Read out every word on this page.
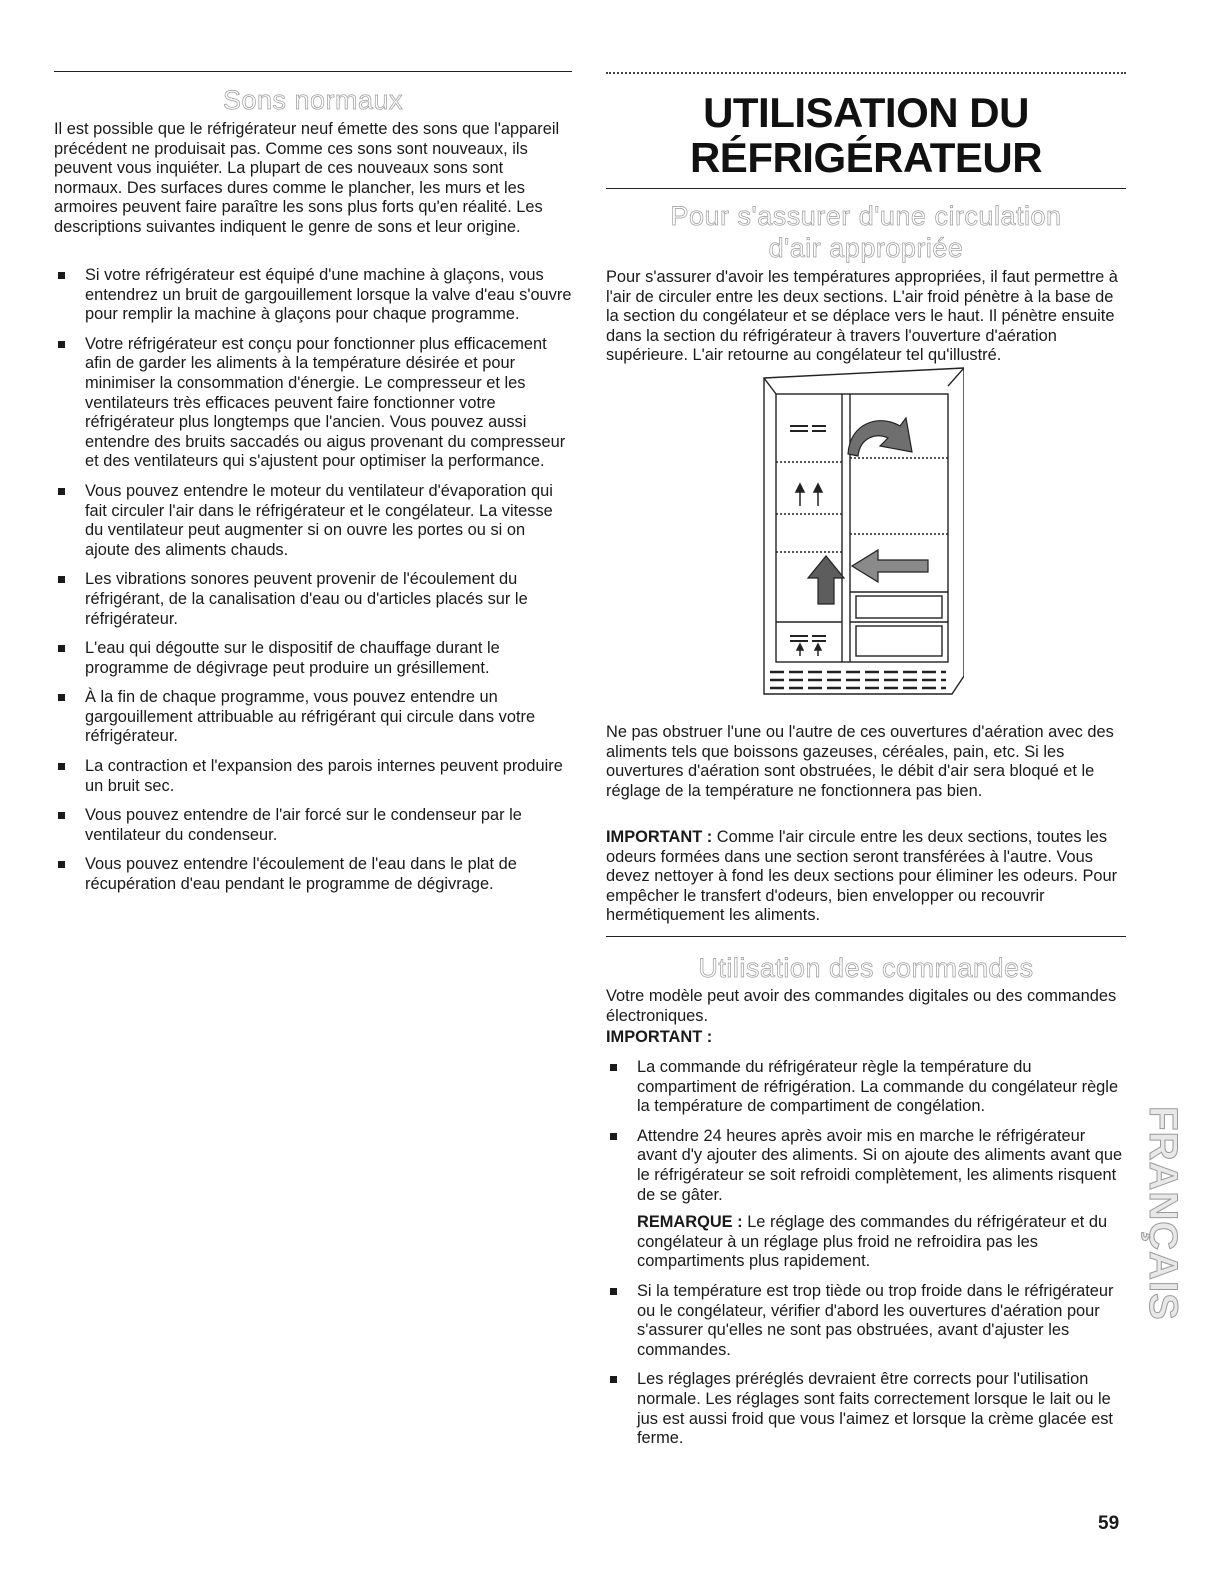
Sons normaux

Il est possible que le réfrigérateur neuf émette des sons que l'appareil précédent ne produisait pas. Comme ces sons sont nouveaux, ils peuvent vous inquiéter. La plupart de ces nouveaux sons sont normaux. Des surfaces dures comme le plancher, les murs et les armoires peuvent faire paraître les sons plus forts qu'en réalité. Les descriptions suivantes indiquent le genre de sons et leur origine.

Si votre réfrigérateur est équipé d'une machine à glaçons, vous entendrez un bruit de gargouillement lorsque la valve d'eau s'ouvre pour remplir la machine à glaçons pour chaque programme.
Votre réfrigérateur est conçu pour fonctionner plus efficacement afin de garder les aliments à la température désirée et pour minimiser la consommation d'énergie. Le compresseur et les ventilateurs très efficaces peuvent faire fonctionner votre réfrigérateur plus longtemps que l'ancien. Vous pouvez aussi entendre des bruits saccadés ou aigus provenant du compresseur et des ventilateurs qui s'ajustent pour optimiser la performance.
Vous pouvez entendre le moteur du ventilateur d'évaporation qui fait circuler l'air dans le réfrigérateur et le congélateur. La vitesse du ventilateur peut augmenter si on ouvre les portes ou si on ajoute des aliments chauds.
Les vibrations sonores peuvent provenir de l'écoulement du réfrigérant, de la canalisation d'eau ou d'articles placés sur le réfrigérateur.
L'eau qui dégoutte sur le dispositif de chauffage durant le programme de dégivrage peut produire un grésillement.
À la fin de chaque programme, vous pouvez entendre un gargouillement attribuable au réfrigérant qui circule dans votre réfrigérateur.
La contraction et l'expansion des parois internes peuvent produire un bruit sec.
Vous pouvez entendre de l'air forcé sur le condenseur par le ventilateur du condenseur.
Vous pouvez entendre l'écoulement de l'eau dans le plat de récupération d'eau pendant le programme de dégivrage.
UTILISATION DU
RÉFRIGÉRATEUR
Pour s'assurer d'une circulation d'air appropriée

Pour s'assurer d'avoir les températures appropriées, il faut permettre à l'air de circuler entre les deux sections. L'air froid pénètre à la base de la section du congélateur et se déplace vers le haut. Il pénètre ensuite dans la section du réfrigérateur à travers l'ouverture d'aération supérieure. L'air retourne au congélateur tel qu'illustré.

Ne pas obstruer l'une ou l'autre de ces ouvertures d'aération avec des aliments tels que boissons gazeuses, céréales, pain, etc. Si les ouvertures d'aération sont obstruées, le débit d'air sera bloqué et le réglage de la température ne fonctionnera pas bien.

IMPORTANT : Comme l'air circule entre les deux sections, toutes les odeurs formées dans une section seront transférées à l'autre. Vous devez nettoyer à fond les deux sections pour éliminer les odeurs. Pour empêcher le transfert d'odeurs, bien envelopper ou recouvrir hermétiquement les aliments.

Utilisation des commandes

Votre modèle peut avoir des commandes digitales ou des commandes électroniques.

IMPORTANT :

La commande du réfrigérateur règle la température du compartiment de réfrigération. La commande du congélateur règle la température de compartiment de congélation.
Attendre 24 heures après avoir mis en marche le réfrigérateur avant d'y ajouter des aliments. Si on ajoute des aliments avant que le réfrigérateur se soit refroidi complètement, les aliments risquent de se gâter.

REMARQUE : Le réglage des commandes du réfrigérateur et du congélateur à un réglage plus froid ne refroidira pas les compartiments plus rapidement.

Si la température est trop tiède ou trop froide dans le réfrigérateur ou le congélateur, vérifier d'abord les ouvertures d'aération pour s'assurer qu'elles ne sont pas obstruées, avant d'ajuster les commandes.
Les réglages préréglés devraient être corrects pour l'utilisation normale. Les réglages sont faits correctement lorsque le lait ou le jus est aussi froid que vous l'aimez et lorsque la crème glacée est ferme.
FRANÇAIS
59
